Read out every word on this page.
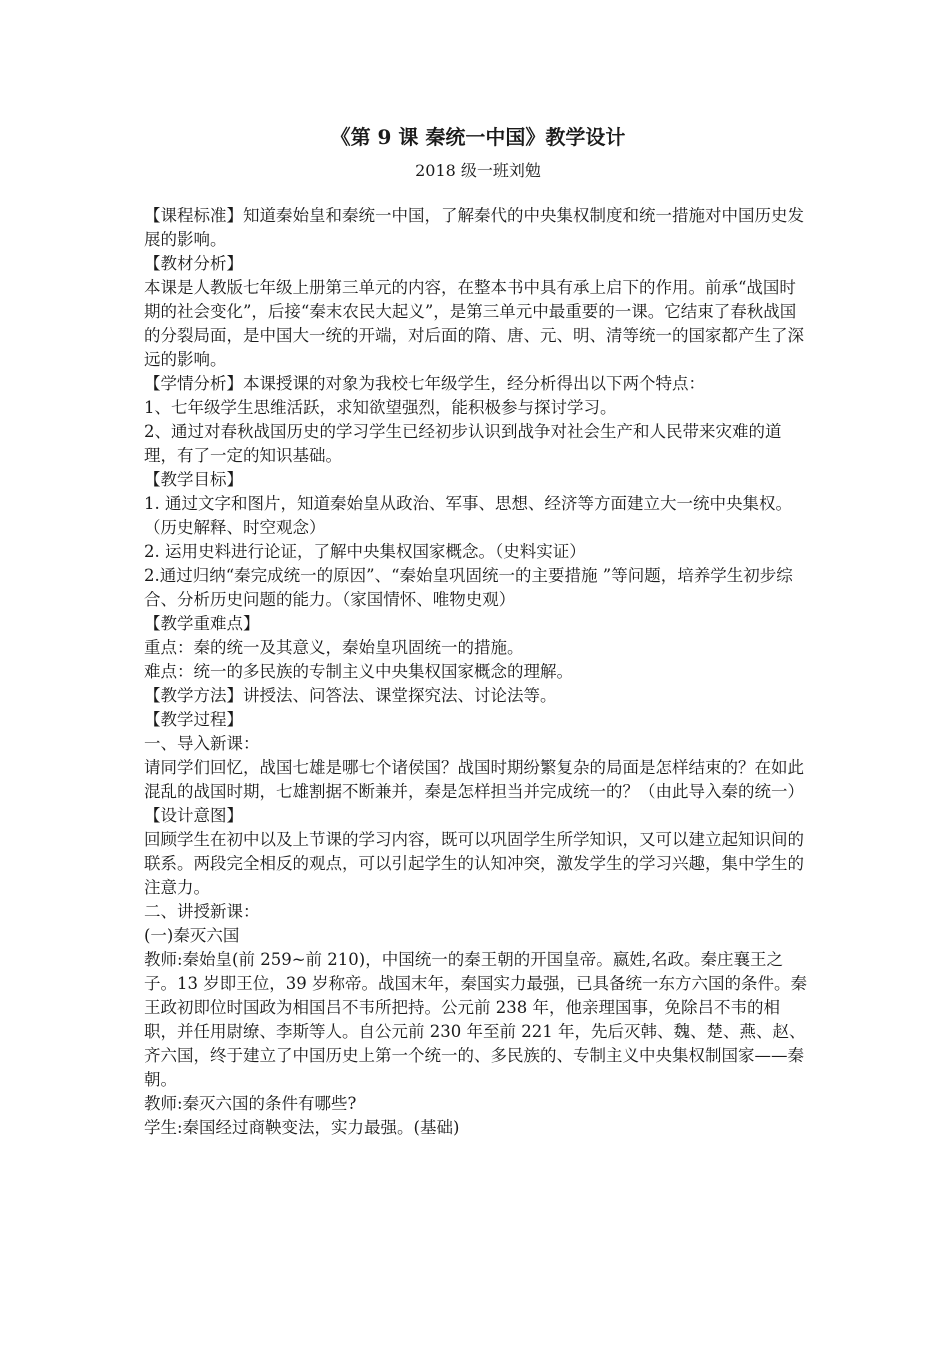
《第 9 课 秦统一中国》教学设计
2018 级一班刘勉

【课程标准】知道秦始皇和秦统一中国，了解秦代的中央集权制度和统一措施对中国历史发展的影响。

【教材分析】

本课是人教版七年级上册第三单元的内容，在整本书中具有承上启下的作用。前承“战国时期的社会变化”，后接“秦末农民大起义”，是第三单元中最重要的一课。它结束了春秋战国的分裂局面，是中国大一统的开端，对后面的隋、唐、元、明、清等统一的国家都产生了深远的影响。

【学情分析】本课授课的对象为我校七年级学生，经分析得出以下两个特点：

1、七年级学生思维活跃，求知欲望强烈，能积极参与探讨学习。

2、通过对春秋战国历史的学习学生已经初步认识到战争对社会生产和人民带来灾难的道理，有了一定的知识基础。

【教学目标】

1. 通过文字和图片，知道秦始皇从政治、军事、思想、经济等方面建立大一统中央集权。（历史解释、时空观念）

2. 运用史料进行论证，了解中央集权国家概念。（史料实证）

2.通过归纳“秦完成统一的原因”、“秦始皇巩固统一的主要措施 ”等问题，培养学生初步综合、分析历史问题的能力。（家国情怀、唯物史观）

【教学重难点】

重点：秦的统一及其意义，秦始皇巩固统一的措施。

难点：统一的多民族的专制主义中央集权国家概念的理解。

【教学方法】讲授法、问答法、课堂探究法、讨论法等。

【教学过程】

一、导入新课：

请同学们回忆，战国七雄是哪七个诸侯国？战国时期纷繁复杂的局面是怎样结束的？在如此混乱的战国时期，七雄割据不断兼并，秦是怎样担当并完成统一的？（由此导入秦的统一）

【设计意图】

回顾学生在初中以及上节课的学习内容，既可以巩固学生所学知识，又可以建立起知识间的联系。两段完全相反的观点，可以引起学生的认知冲突，激发学生的学习兴趣，集中学生的注意力。

二、讲授新课：

(一)秦灭六国

教师:秦始皇(前 259~前 210)，中国统一的秦王朝的开国皇帝。嬴姓,名政。秦庄襄王之子。13 岁即王位，39 岁称帝。战国末年，秦国实力最强，已具备统一东方六国的条件。秦王政初即位时国政为相国吕不韦所把持。公元前 238 年，他亲理国事，免除吕不韦的相职，并任用尉缭、李斯等人。自公元前 230 年至前 221 年，先后灭韩、魏、楚、燕、赵、齐六国，终于建立了中国历史上第一个统一的、多民族的、专制主义中央集权制国家——秦朝。

教师:秦灭六国的条件有哪些?

学生:秦国经过商鞅变法，实力最强。(基础)
